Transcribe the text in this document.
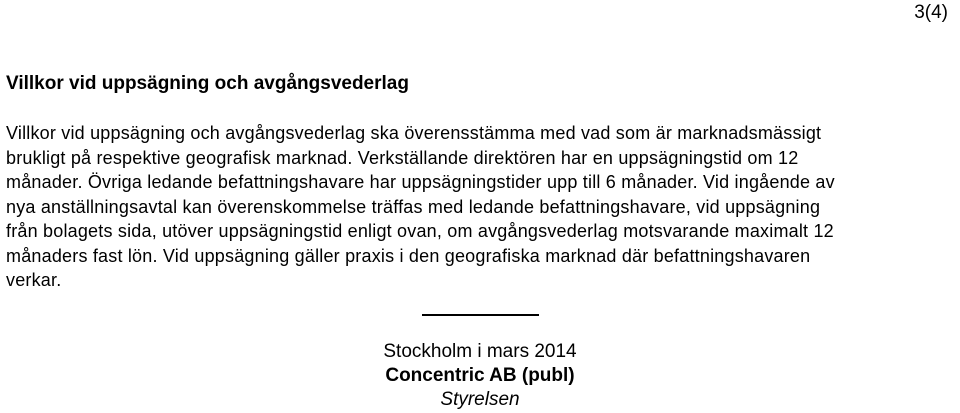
3(4)
Villkor vid uppsägning och avgångsvederlag
Villkor vid uppsägning och avgångsvederlag ska överensstämma med vad som är marknadsmässigt
brukligt på respektive geografisk marknad. Verkställande direktören har en uppsägningstid om 12
månader. Övriga ledande befattningshavare har uppsägningstider upp till 6 månader. Vid ingående av
nya anställningsavtal kan överenskommelse träffas med ledande befattningshavare, vid uppsägning
från bolagets sida, utöver uppsägningstid enligt ovan, om avgångsvederlag motsvarande maximalt 12
månaders fast lön. Vid uppsägning gäller praxis i den geografiska marknad där befattningshavaren
verkar.
Stockholm i mars 2014
Concentric AB (publ)
Styrelsen
